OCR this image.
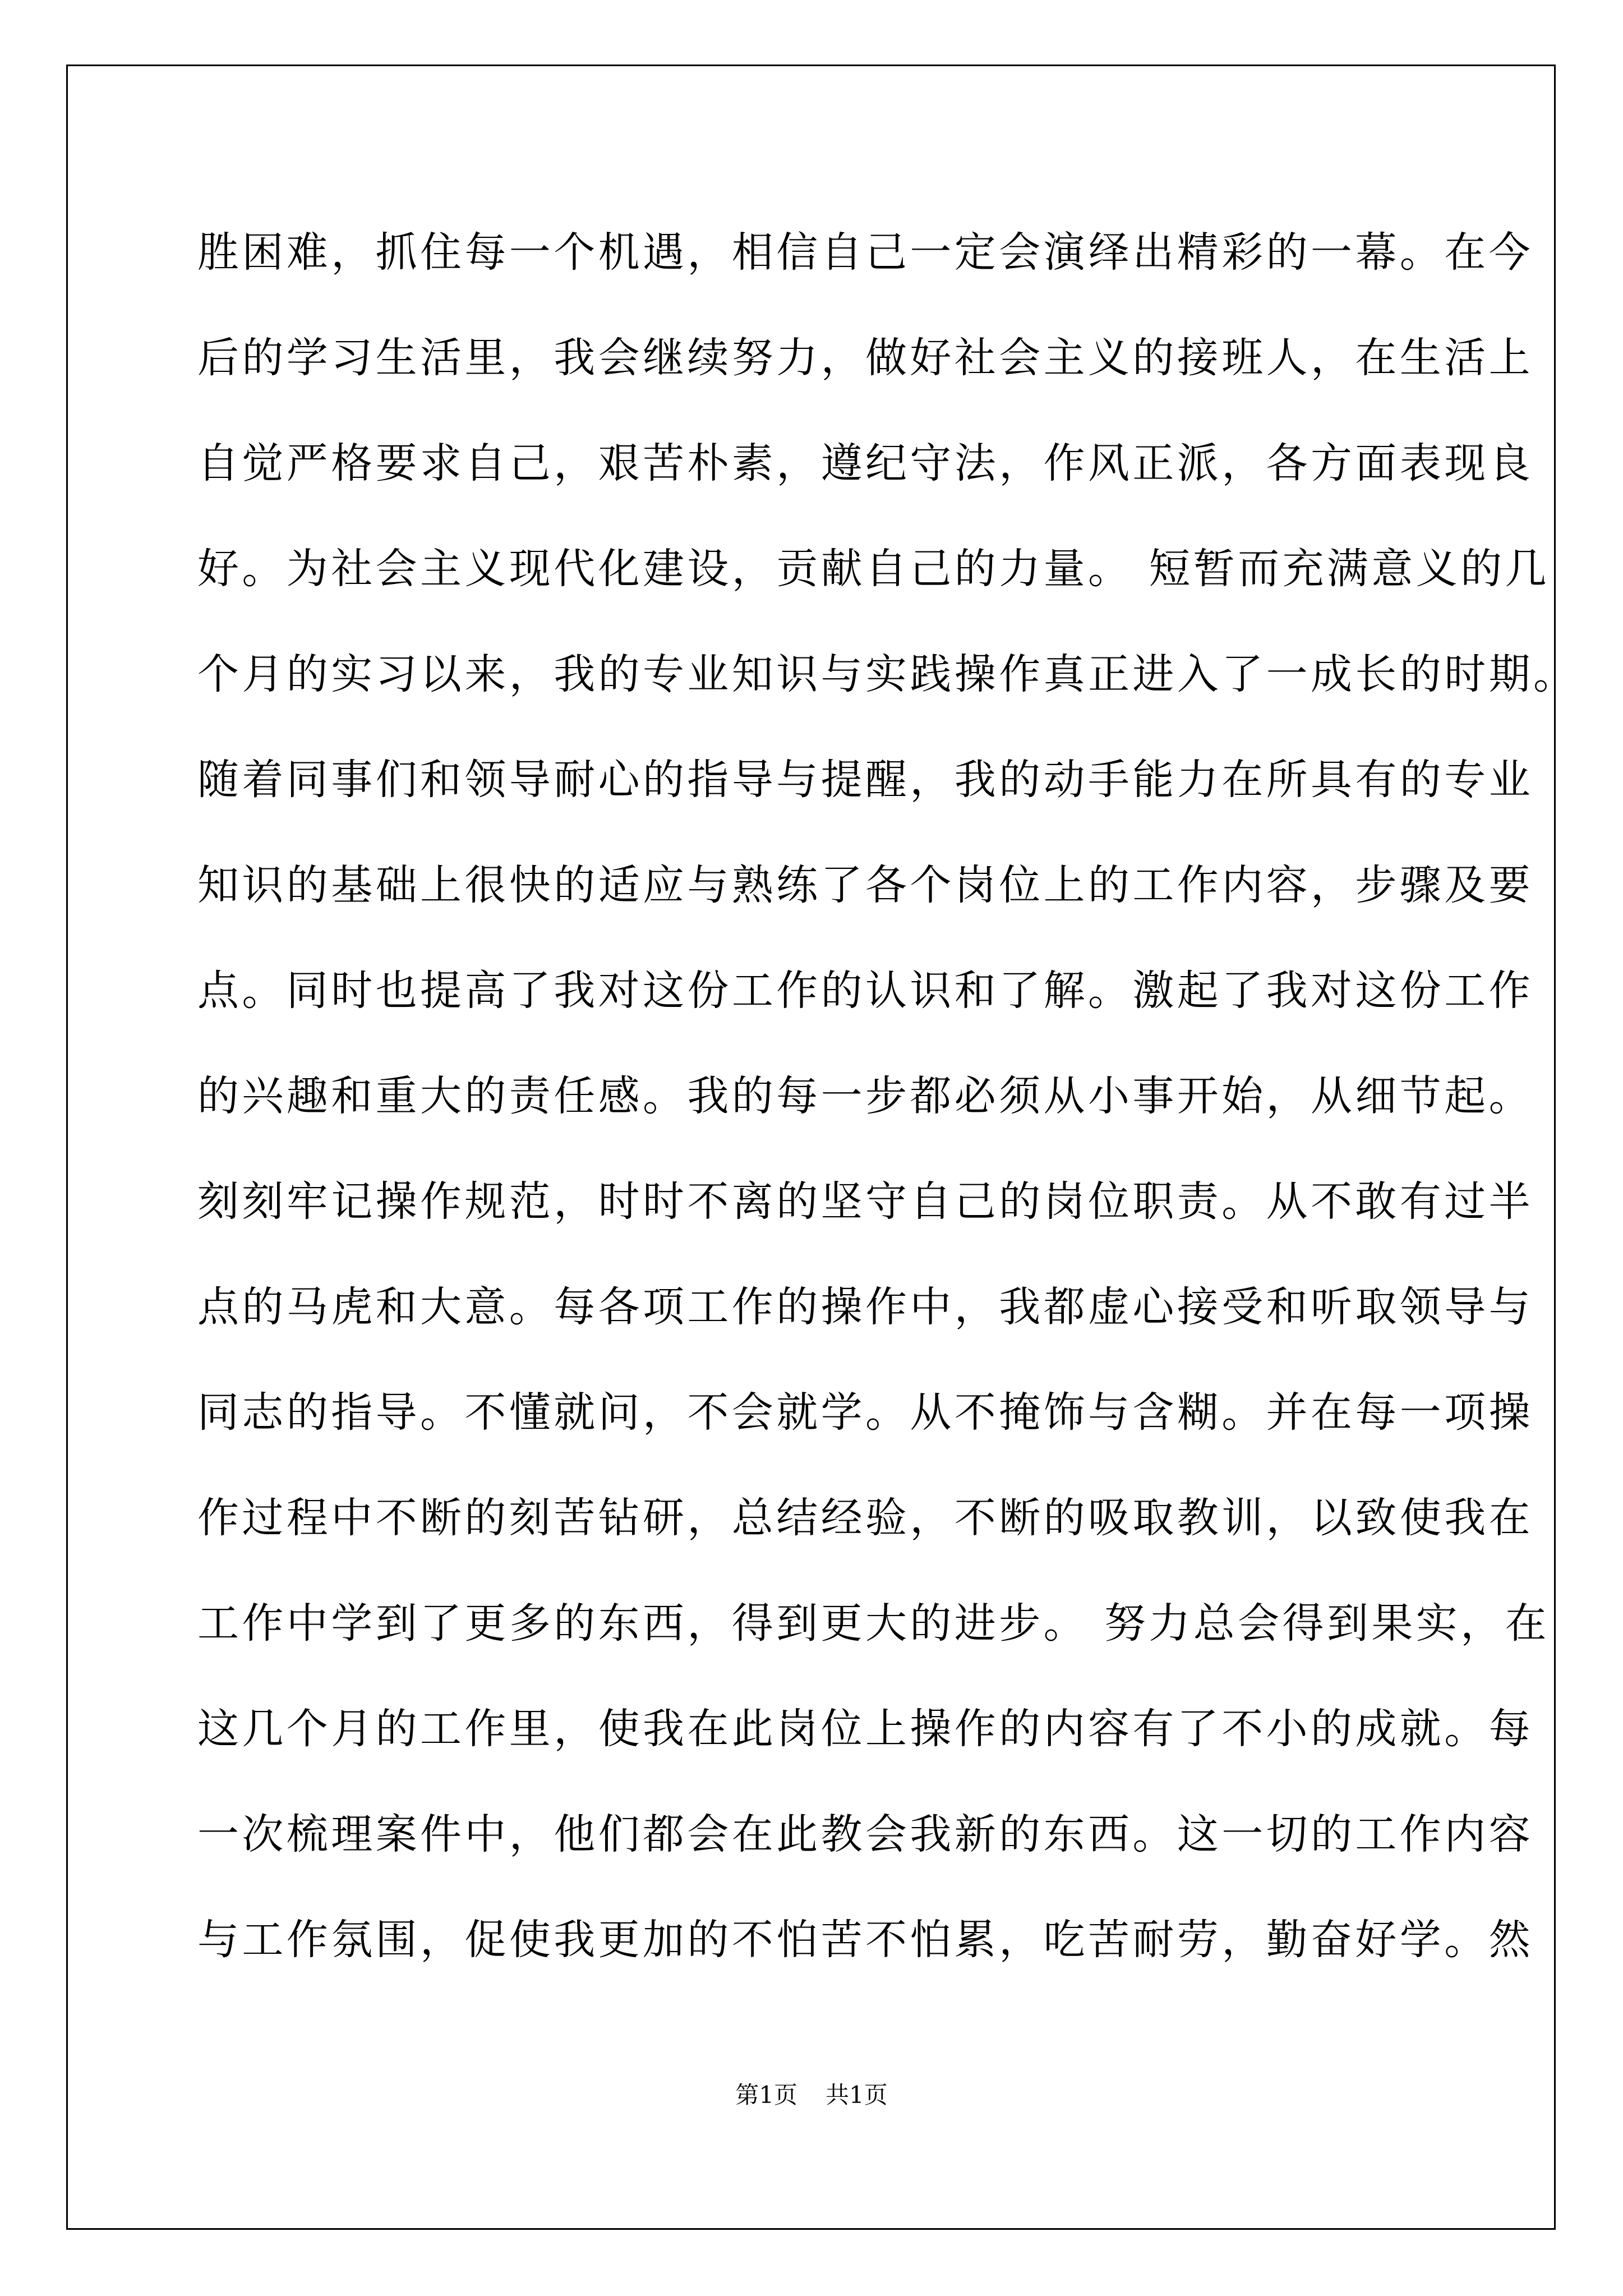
胜困难，抓住每一个机遇，相信自己一定会演绎出精彩的一幕。在今
后的学习生活里，我会继续努力，做好社会主义的接班人，在生活上
自觉严格要求自己，艰苦朴素，遵纪守法，作风正派，各方面表现良
好。为社会主义现代化建设，贡献自己的力量。 短暂而充满意义的几
个月的实习以来，我的专业知识与实践操作真正进入了一成长的时期。
随着同事们和领导耐心的指导与提醒，我的动手能力在所具有的专业
知识的基础上很快的适应与熟练了各个岗位上的工作内容，步骤及要
点。同时也提高了我对这份工作的认识和了解。激起了我对这份工作
的兴趣和重大的责任感。我的每一步都必须从小事开始，从细节起。
刻刻牢记操作规范，时时不离的坚守自己的岗位职责。从不敢有过半
点的马虎和大意。每各项工作的操作中，我都虚心接受和听取领导与
同志的指导。不懂就问，不会就学。从不掩饰与含糊。并在每一项操
作过程中不断的刻苦钻研，总结经验，不断的吸取教训，以致使我在
工作中学到了更多的东西，得到更大的进步。 努力总会得到果实，在
这几个月的工作里，使我在此岗位上操作的内容有了不小的成就。每
一次梳理案件中，他们都会在此教会我新的东西。这一切的工作内容
与工作氛围，促使我更加的不怕苦不怕累，吃苦耐劳，勤奋好学。然
第1页 共1页
